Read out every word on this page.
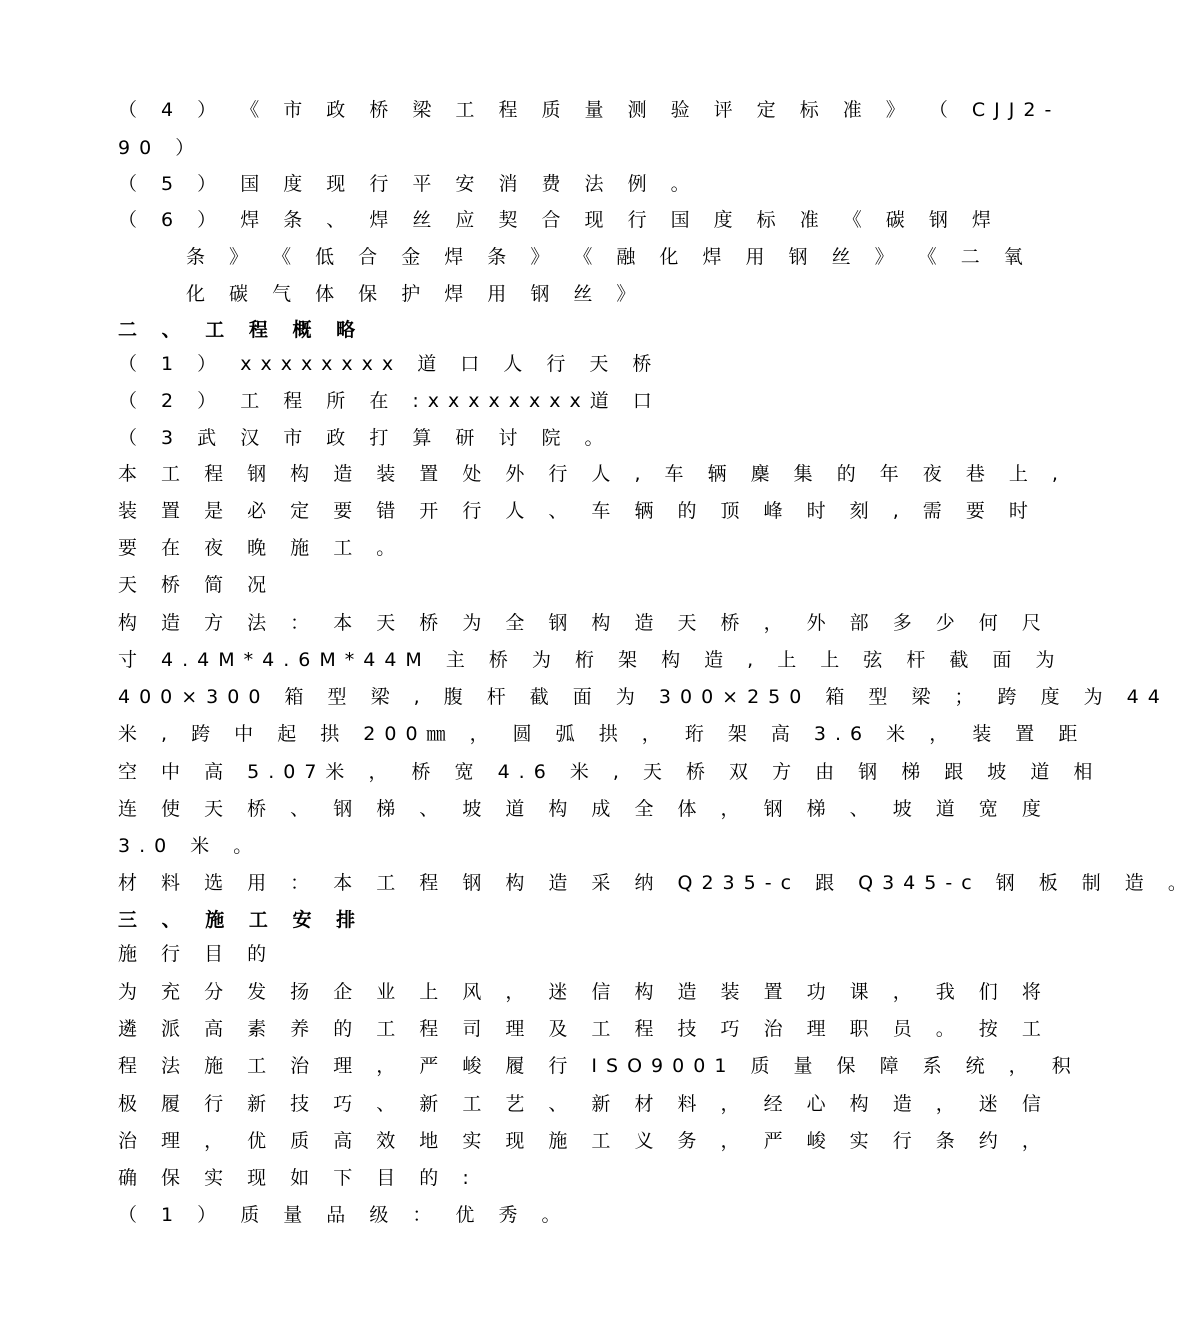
（ 4 ） 《 市 政 桥 梁 工 程 质 量 测 验 评 定 标 准 》 （ CJJ2-
90 ）
（ 5 ） 国 度 现 行 平 安 消 费 法 例 。
（ 6 ） 焊 条 、 焊 丝 应 契 合 现 行 国 度 标 准 《 碳 钢 焊
条 》 《 低 合 金 焊 条 》 《 融 化 焊 用 钢 丝 》 《 二 氧
化 碳 气 体 保 护 焊 用 钢 丝 》
二 、 工 程 概 略
（ 1 ） xxxxxxxx 道 口 人 行 天 桥
（ 2 ） 工 程 所 在 :xxxxxxxx道 口
（ 3 武 汉 市 政 打 算 研 讨 院 。
本 工 程 钢 构 造 装 置 处 外 行 人 , 车 辆 麇 集 的 年 夜 巷 上 ,
装 置 是 必 定 要 错 开 行 人 、 车 辆 的 顶 峰 时 刻 , 需 要 时
要 在 夜 晚 施 工 。
天 桥 简 况
构 造 方 法 ： 本 天 桥 为 全 钢 构 造 天 桥 ， 外 部 多 少 何 尺
寸 4.4M*4.6M*44M 主 桥 为 桁 架 构 造 , 上 上 弦 杆 截 面 为
400×300 箱 型 梁 , 腹 杆 截 面 为 300×250 箱 型 梁 ； 跨 度 为 44
米 , 跨 中 起 拱 200㎜ ， 圆 弧 拱 ， 珩 架 高 3.6 米 ， 装 置 距
空 中 高 5.07米 ， 桥 宽 4.6 米 , 天 桥 双 方 由 钢 梯 跟 坡 道 相
连 使 天 桥 、 钢 梯 、 坡 道 构 成 全 体 ， 钢 梯 、 坡 道 宽 度
3.0 米 。
材 料 选 用 ： 本 工 程 钢 构 造 采 纳 Q235-c 跟 Q345-c 钢 板 制 造 。
三 、 施 工 安 排
施 行 目 的
为 充 分 发 扬 企 业 上 风 ， 迷 信 构 造 装 置 功 课 ， 我 们 将
遴 派 高 素 养 的 工 程 司 理 及 工 程 技 巧 治 理 职 员 。 按 工
程 法 施 工 治 理 ， 严 峻 履 行 ISO9001 质 量 保 障 系 统 ， 积
极 履 行 新 技 巧 、 新 工 艺 、 新 材 料 ， 经 心 构 造 ， 迷 信
治 理 ， 优 质 高 效 地 实 现 施 工 义 务 ， 严 峻 实 行 条 约 ，
确 保 实 现 如 下 目 的 :
（ 1 ） 质 量 品 级 ： 优 秀 。
